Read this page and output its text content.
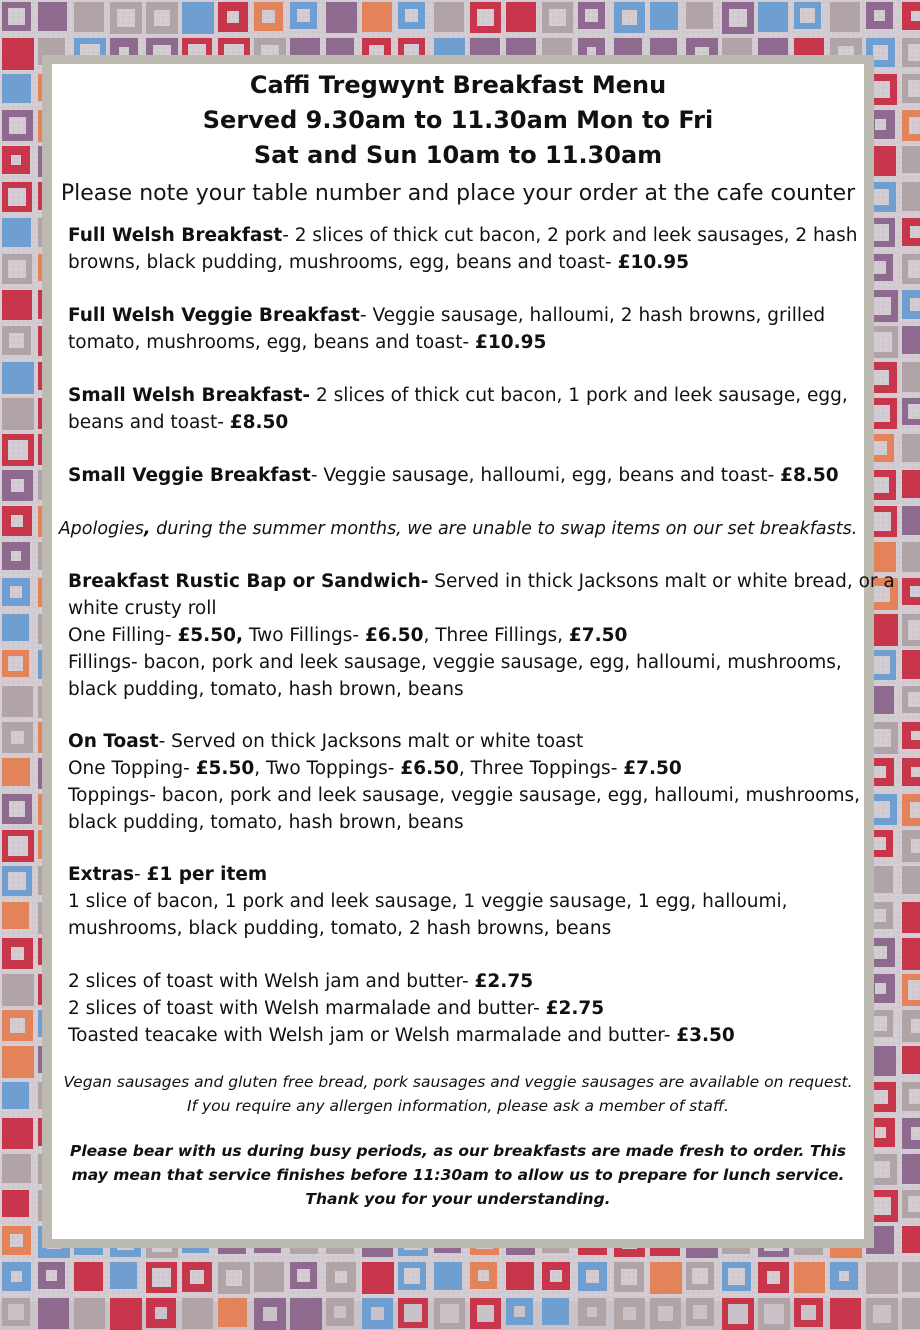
Caffi Tregwynt Breakfast Menu

Served 9.30am to 11.30am Mon to Fri

Sat and Sun 10am to 11.30am

Please note your table number and place your order at the cafe counter

Full Welsh Breakfast- 2 slices of thick cut bacon, 2 pork and leek sausages, 2 hash

browns, black pudding, mushrooms, egg, beans and toast- £10.95

Full Welsh Veggie Breakfast- Veggie sausage, halloumi, 2 hash browns, grilled

tomato, mushrooms, egg, beans and toast- £10.95

Small Welsh Breakfast- 2 slices of thick cut bacon, 1 pork and leek sausage, egg,

beans and toast- £8.50

Small Veggie Breakfast- Veggie sausage, halloumi, egg, beans and toast- £8.50

Apologies, during the summer months, we are unable to swap items on our set breakfasts.

Breakfast Rustic Bap or Sandwich- Served in thick Jacksons malt or white bread, or a

white crusty roll

One Filling- £5.50, Two Fillings- £6.50, Three Fillings, £7.50

Fillings- bacon, pork and leek sausage, veggie sausage, egg, halloumi, mushrooms,

black pudding, tomato, hash brown, beans

On Toast- Served on thick Jacksons malt or white toast

One Topping- £5.50, Two Toppings- £6.50, Three Toppings- £7.50

Toppings- bacon, pork and leek sausage, veggie sausage, egg, halloumi, mushrooms,

black pudding, tomato, hash brown, beans

Extras- £1 per item

1 slice of bacon, 1 pork and leek sausage, 1 veggie sausage, 1 egg, halloumi,

mushrooms, black pudding, tomato, 2 hash browns, beans

2 slices of toast with Welsh jam and butter- £2.75

2 slices of toast with Welsh marmalade and butter- £2.75

Toasted teacake with Welsh jam or Welsh marmalade and butter- £3.50

Vegan sausages and gluten free bread, pork sausages and veggie sausages are available on request.

If you require any allergen information, please ask a member of staff.

Please bear with us during busy periods, as our breakfasts are made fresh to order. This

may mean that service finishes before 11:30am to allow us to prepare for lunch service.

Thank you for your understanding.
